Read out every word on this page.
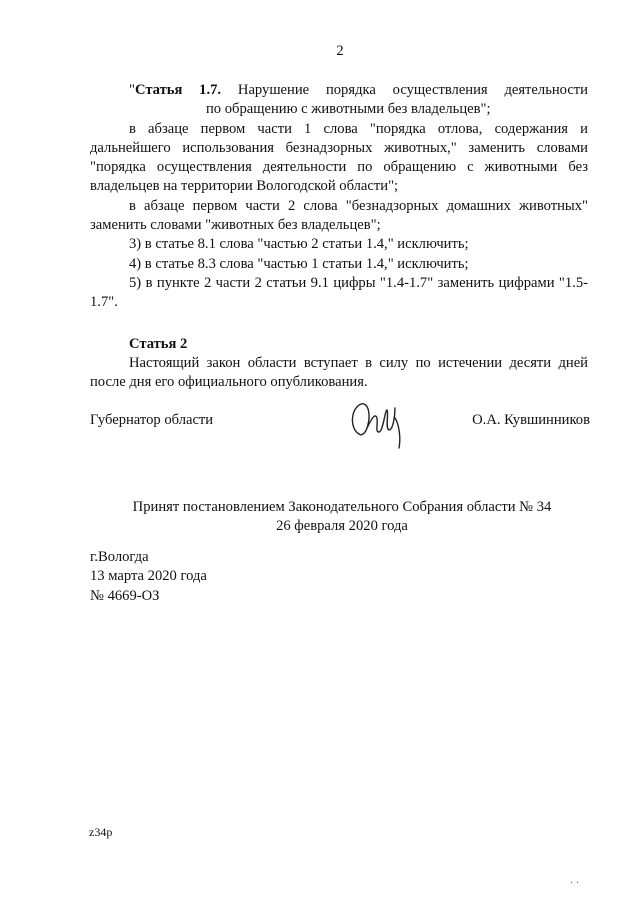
2

"Статья 1.7. Нарушение порядка осуществления деятельности

по обращению с животными без владельцев";

в абзаце первом части 1 слова "порядка отлова, содержания и дальнейшего использования безнадзорных животных," заменить словами "порядка осуществления деятельности по обращению с животными без владельцев на территории Вологодской области";

в абзаце первом части 2 слова "безнадзорных домашних животных" заменить словами "животных без владельцев";

3) в статье 8.1 слова "частью 2 статьи 1.4," исключить;

4) в статье 8.3 слова "частью 1 статьи 1.4," исключить;

5) в пункте 2 части 2 статьи 9.1 цифры "1.4-1.7" заменить цифрами "1.5-1.7".

Статья 2

Настоящий закон области вступает в силу по истечении десяти дней после дня его официального опубликования.

Губернатор области	О.А. Кувшинников

Принят постановлением Законодательного Собрания области № 34

26 февраля 2020 года

г.Вологда

13 марта 2020 года

№ 4669-ОЗ

z34p
· ·
